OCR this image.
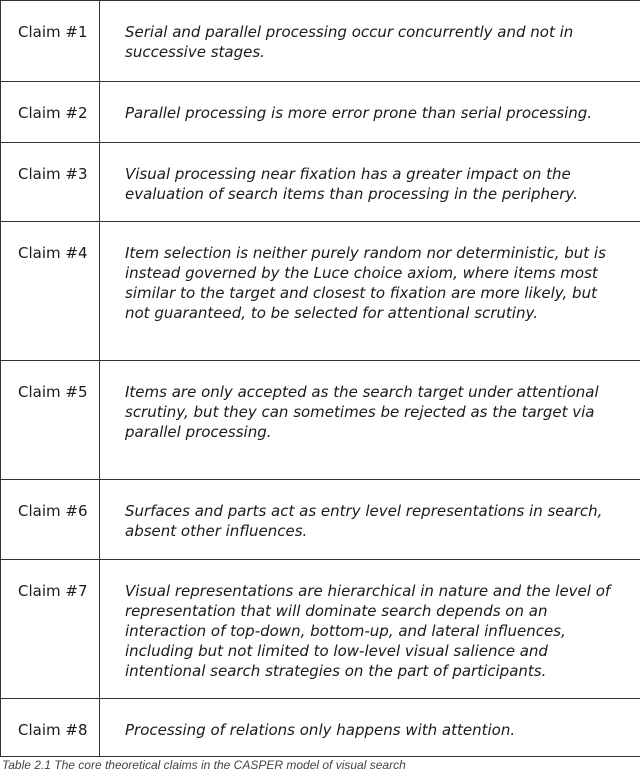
Claim #1	Serial and parallel processing occur concurrently and not in successive stages.

Claim #2	Parallel processing is more error prone than serial processing.

Claim #3	Visual processing near fixation has a greater impact on the evaluation of search items than processing in the periphery.

Claim #4	Item selection is neither purely random nor deterministic, but is instead governed by the Luce choice axiom, where items most similar to the target and closest to fixation are more likely, but not guaranteed, to be selected for attentional scrutiny.

Claim #5	Items are only accepted as the search target under attentional scrutiny, but they can sometimes be rejected as the target via parallel processing.

Claim #6	Surfaces and parts act as entry level representations in search, absent other influences.

Claim #7	Visual representations are hierarchical in nature and the level of representation that will dominate search depends on an interaction of top-down, bottom-up, and lateral influences, including but not limited to low-level visual salience and intentional search strategies on the part of participants.

Claim #8	Processing of relations only happens with attention.
Table 2.1 The core theoretical claims in the CASPER model of visual search
